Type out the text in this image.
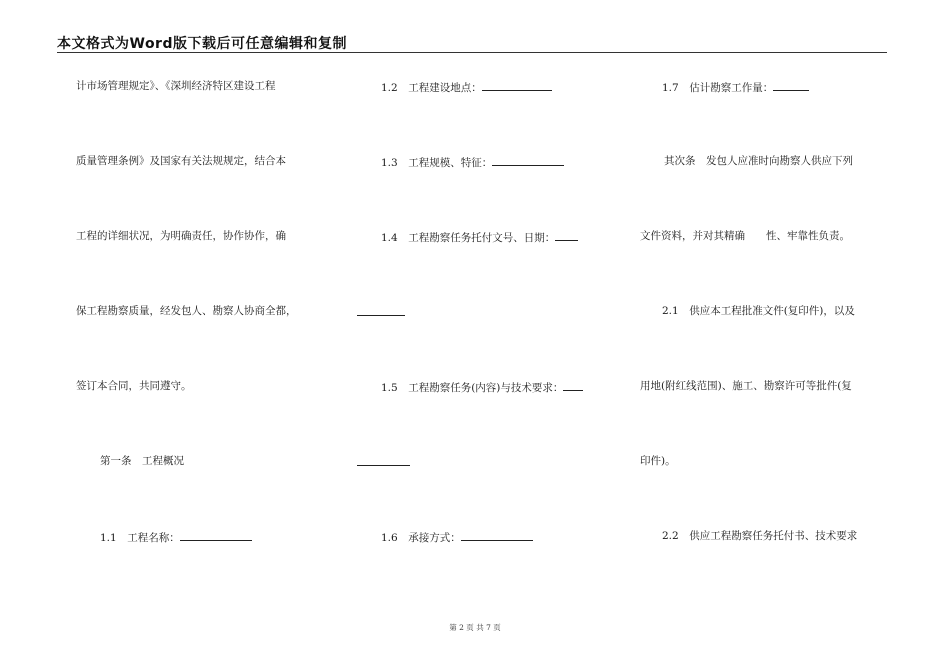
本文格式为Word版下载后可任意编辑和复制
计市场管理规定》、《深圳经济特区建设工程
质量管理条例》及国家有关法规规定，结合本
工程的详细状况，为明确责任，协作协作，确
保工程勘察质量，经发包人、勘察人协商全都，
签订本合同，共同遵守。
第一条　工程概况
1.1　工程名称：
1.2　工程建设地点：
1.3　工程规模、特征：
1.4　工程勘察任务托付文号、日期：
1.5　工程勘察任务(内容)与技术要求：
1.6　承接方式：
1.7　估计勘察工作量：
其次条　发包人应准时向勘察人供应下列
文件资料，并对其精确　　性、牢靠性负责。
2.1　供应本工程批准文件(复印件)，以及
用地(附红线范围)、施工、勘察许可等批件(复
印件)。
2.2　供应工程勘察任务托付书、技术要求
第 2 页 共 7 页
